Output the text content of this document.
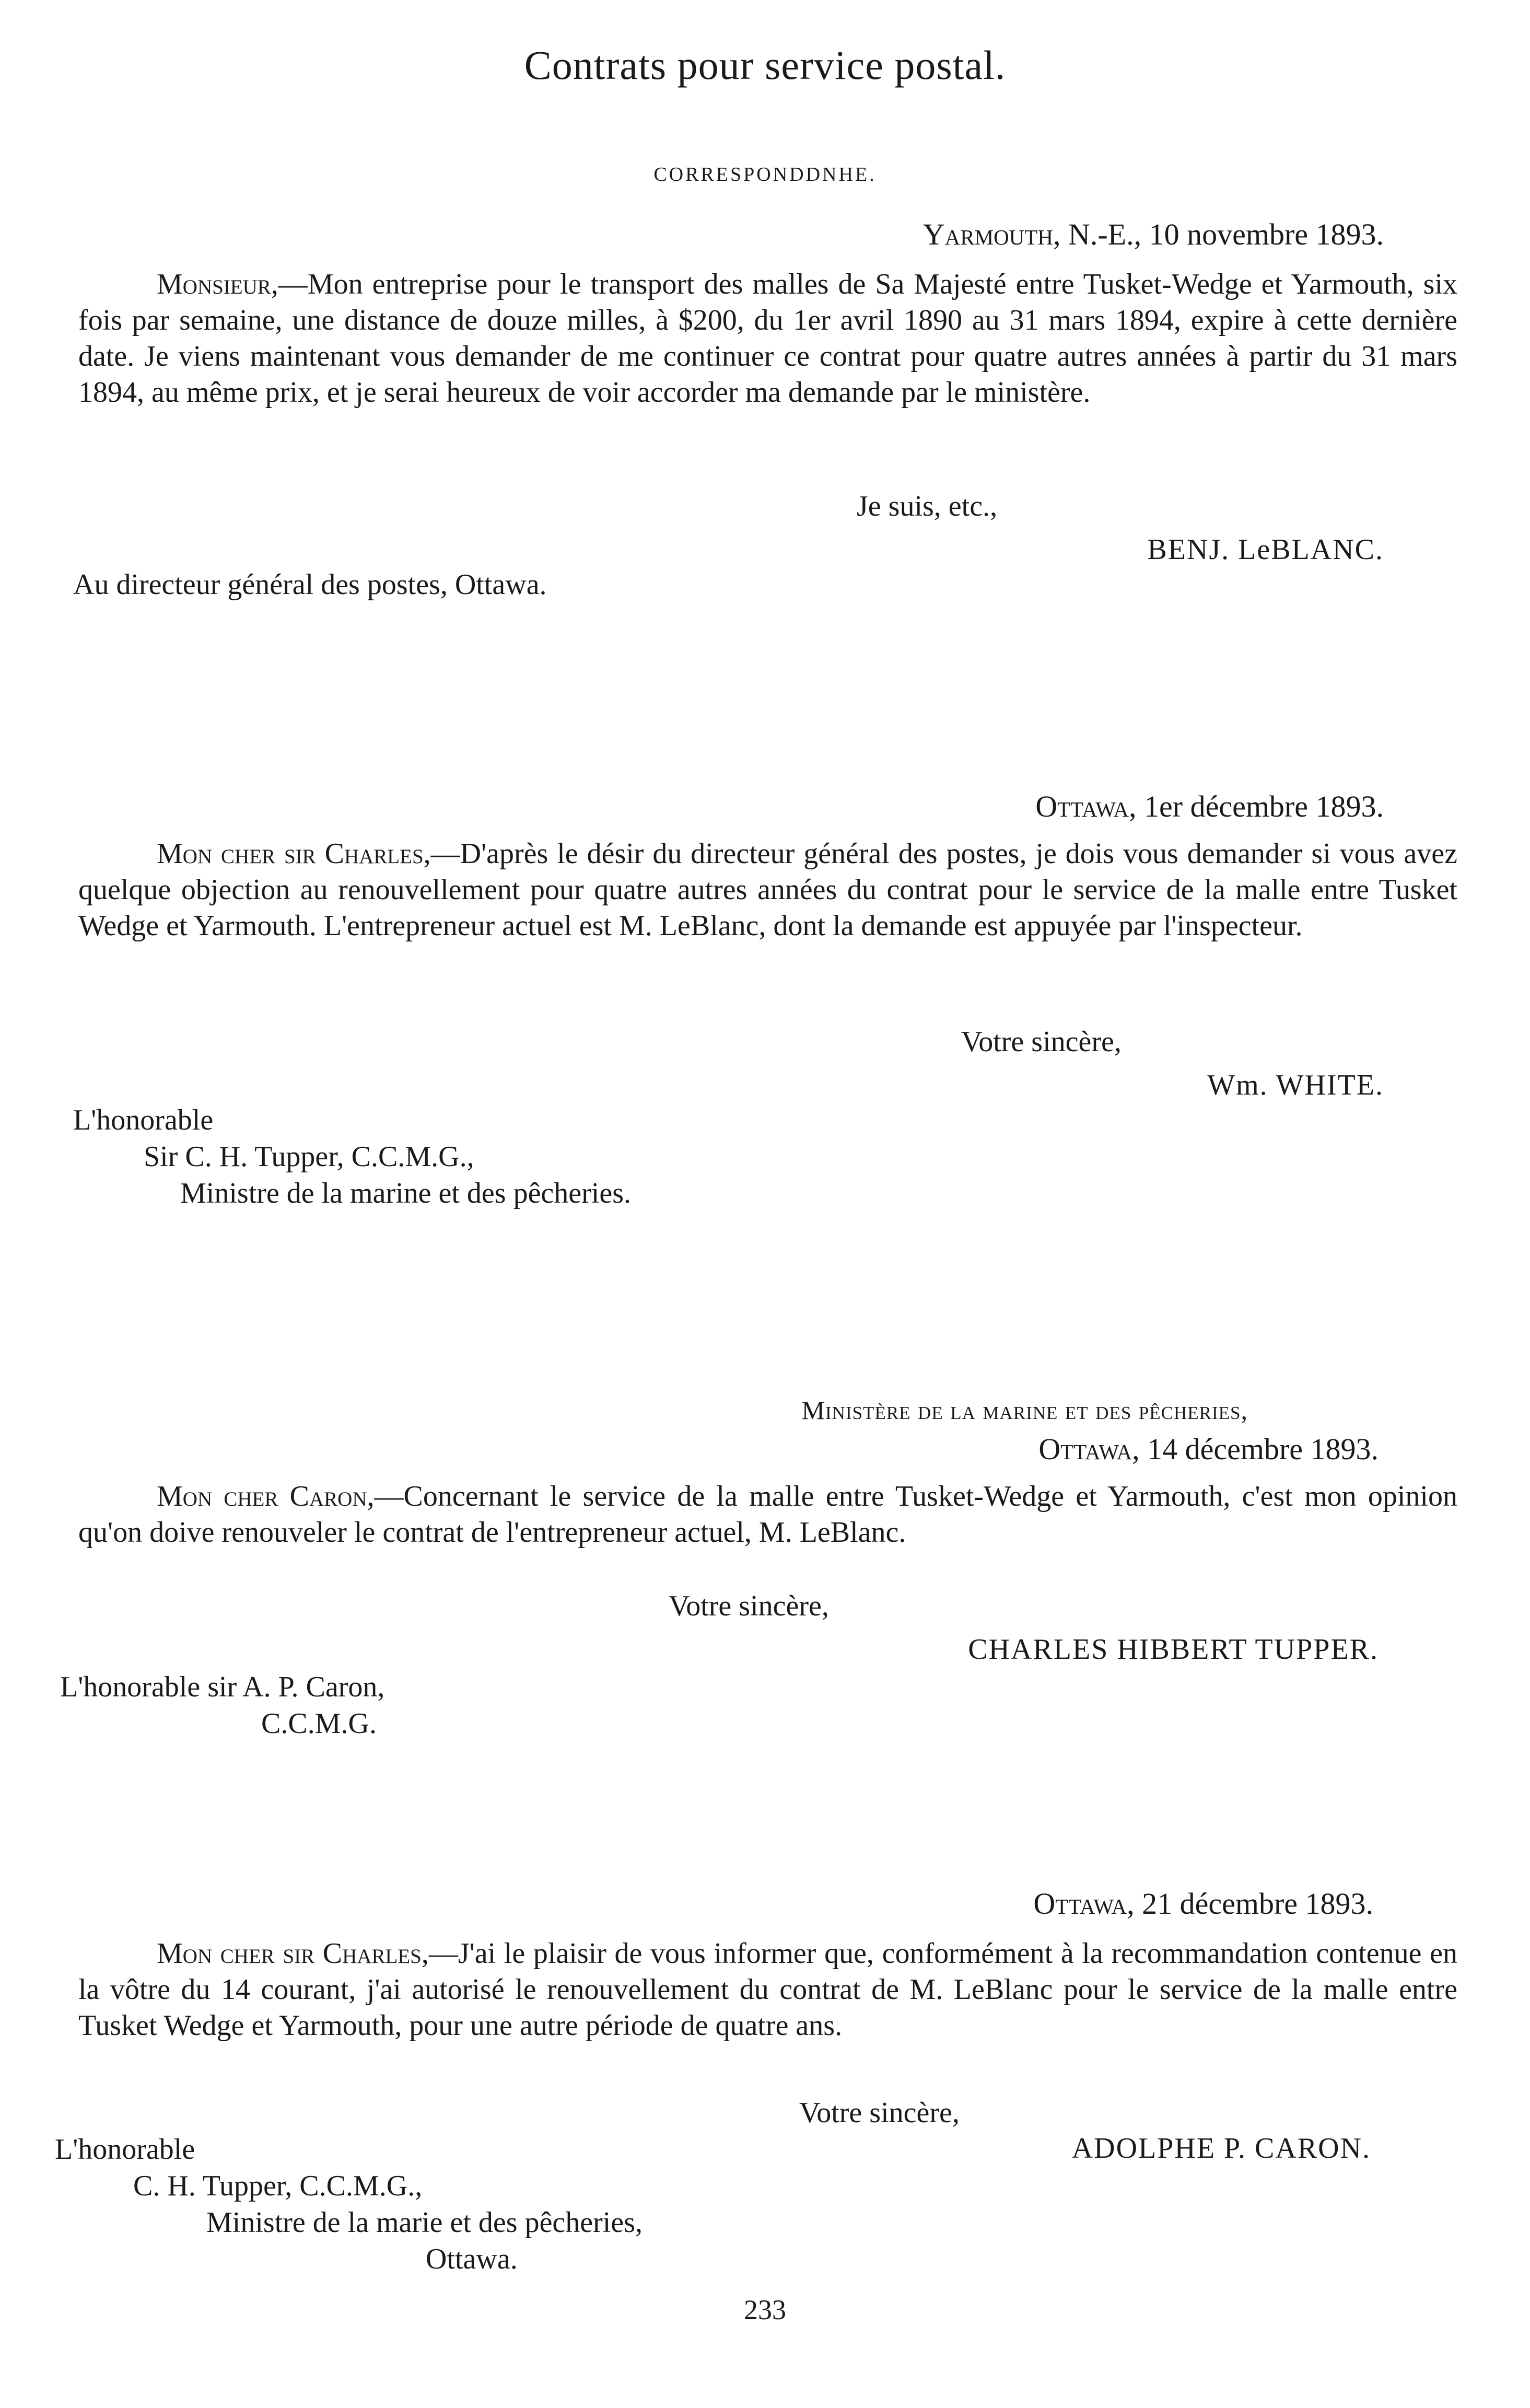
Contrats pour service postal.
CORRESPONDDNHE.
Yarmouth, N.-E., 10 novembre 1893.
Monsieur,—Mon entreprise pour le transport des malles de Sa Majesté entre Tusket-Wedge et Yarmouth, six fois par semaine, une distance de douze milles, à $200, du 1er avril 1890 au 31 mars 1894, expire à cette dernière date. Je viens maintenant vous demander de me continuer ce contrat pour quatre autres années à partir du 31 mars 1894, au même prix, et je serai heureux de voir accorder ma demande par le ministère.
Je suis, etc.,
BENJ. LeBLANC.
Au directeur général des postes, Ottawa.
Ottawa, 1er décembre 1893.
Mon cher sir Charles,—D'après le désir du directeur général des postes, je dois vous demander si vous avez quelque objection au renouvellement pour quatre autres années du contrat pour le service de la malle entre Tusket Wedge et Yarmouth. L'entrepreneur actuel est M. LeBlanc, dont la demande est appuyée par l'inspecteur.
Votre sincère,
Wm. WHITE.
L'honorable
Sir C. H. Tupper, C.C.M.G.,
Ministre de la marine et des pêcheries.
Ministère de la marine et des pêcheries,
Ottawa, 14 décembre 1893.
Mon cher Caron,—Concernant le service de la malle entre Tusket-Wedge et Yarmouth, c'est mon opinion qu'on doive renouveler le contrat de l'entrepreneur actuel, M. LeBlanc.
Votre sincère,
CHARLES HIBBERT TUPPER.
L'honorable sir A. P. Caron,
C.C.M.G.
Ottawa, 21 décembre 1893.
Mon cher sir Charles,—J'ai le plaisir de vous informer que, conformément à la recommandation contenue en la vôtre du 14 courant, j'ai autorisé le renouvellement du contrat de M. LeBlanc pour le service de la malle entre Tusket Wedge et Yarmouth, pour une autre période de quatre ans.
Votre sincère,
ADOLPHE P. CARON.
L'honorable
C. H. Tupper, C.C.M.G.,
Ministre de la marie et des pêcheries,
Ottawa.
233
